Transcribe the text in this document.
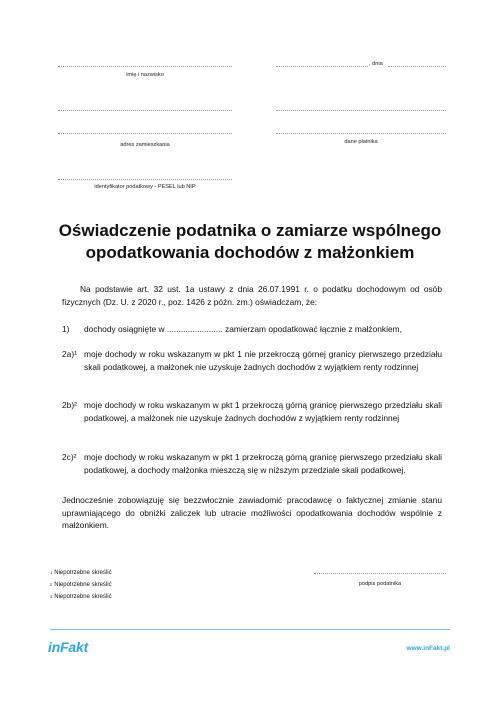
imię i nazwisko
, dnia
adres zamieszkania	dane płatnika
identyfikator podatkowy - PESEL lub NIP
Oświadczenie podatnika o zamiarze wspólnego
opodatkowania dochodów z małżonkiem
Na podstawie art. 32 ust. 1a ustawy z dnia 26.07.1991 r. o podatku dochodowym od osób fizycznych (Dz. U. z 2020 r., poz. 1426 z późn. zm.) oświadczam, że:
1)	dochody osiągnięte w ........................ zamierzam opodatkować łącznie z małżonkiem,
2a)¹ moje dochody w roku wskazanym w pkt 1 nie przekroczą górnej granicy pierwszego przedziału skali podatkowej, a małżonek nie uzyskuje żadnych dochodów z wyjątkiem renty rodzinnej
2b)² moje dochody w roku wskazanym w pkt 1 przekroczą górną granicę pierwszego przedziału skali podatkowej, a małżonek nie uzyskuje żadnych dochodów z wyjątkiem renty rodzinnej
2c)² moje dochody w roku wskazanym w pkt 1 przekroczą górną granicę pierwszego przedziału skali podatkowej, a dochody małżonka mieszczą się w niższym przedziale skali podatkowej.
Jednocześnie zobowiązuję się bezzwłocznie zawiadomić pracodawcę o faktycznej zmianie stanu uprawniającego do obniżki zaliczek lub utracie możliwości opodatkowania dochodów wspólnie z małżonkiem.
$^1$ Niepotrzebne skreślić
$^2$ Niepotrzebne skreślić
$^3$ Niepotrzebne skreślić
podpis podatnika
inFakt	www.inFakt.pl
